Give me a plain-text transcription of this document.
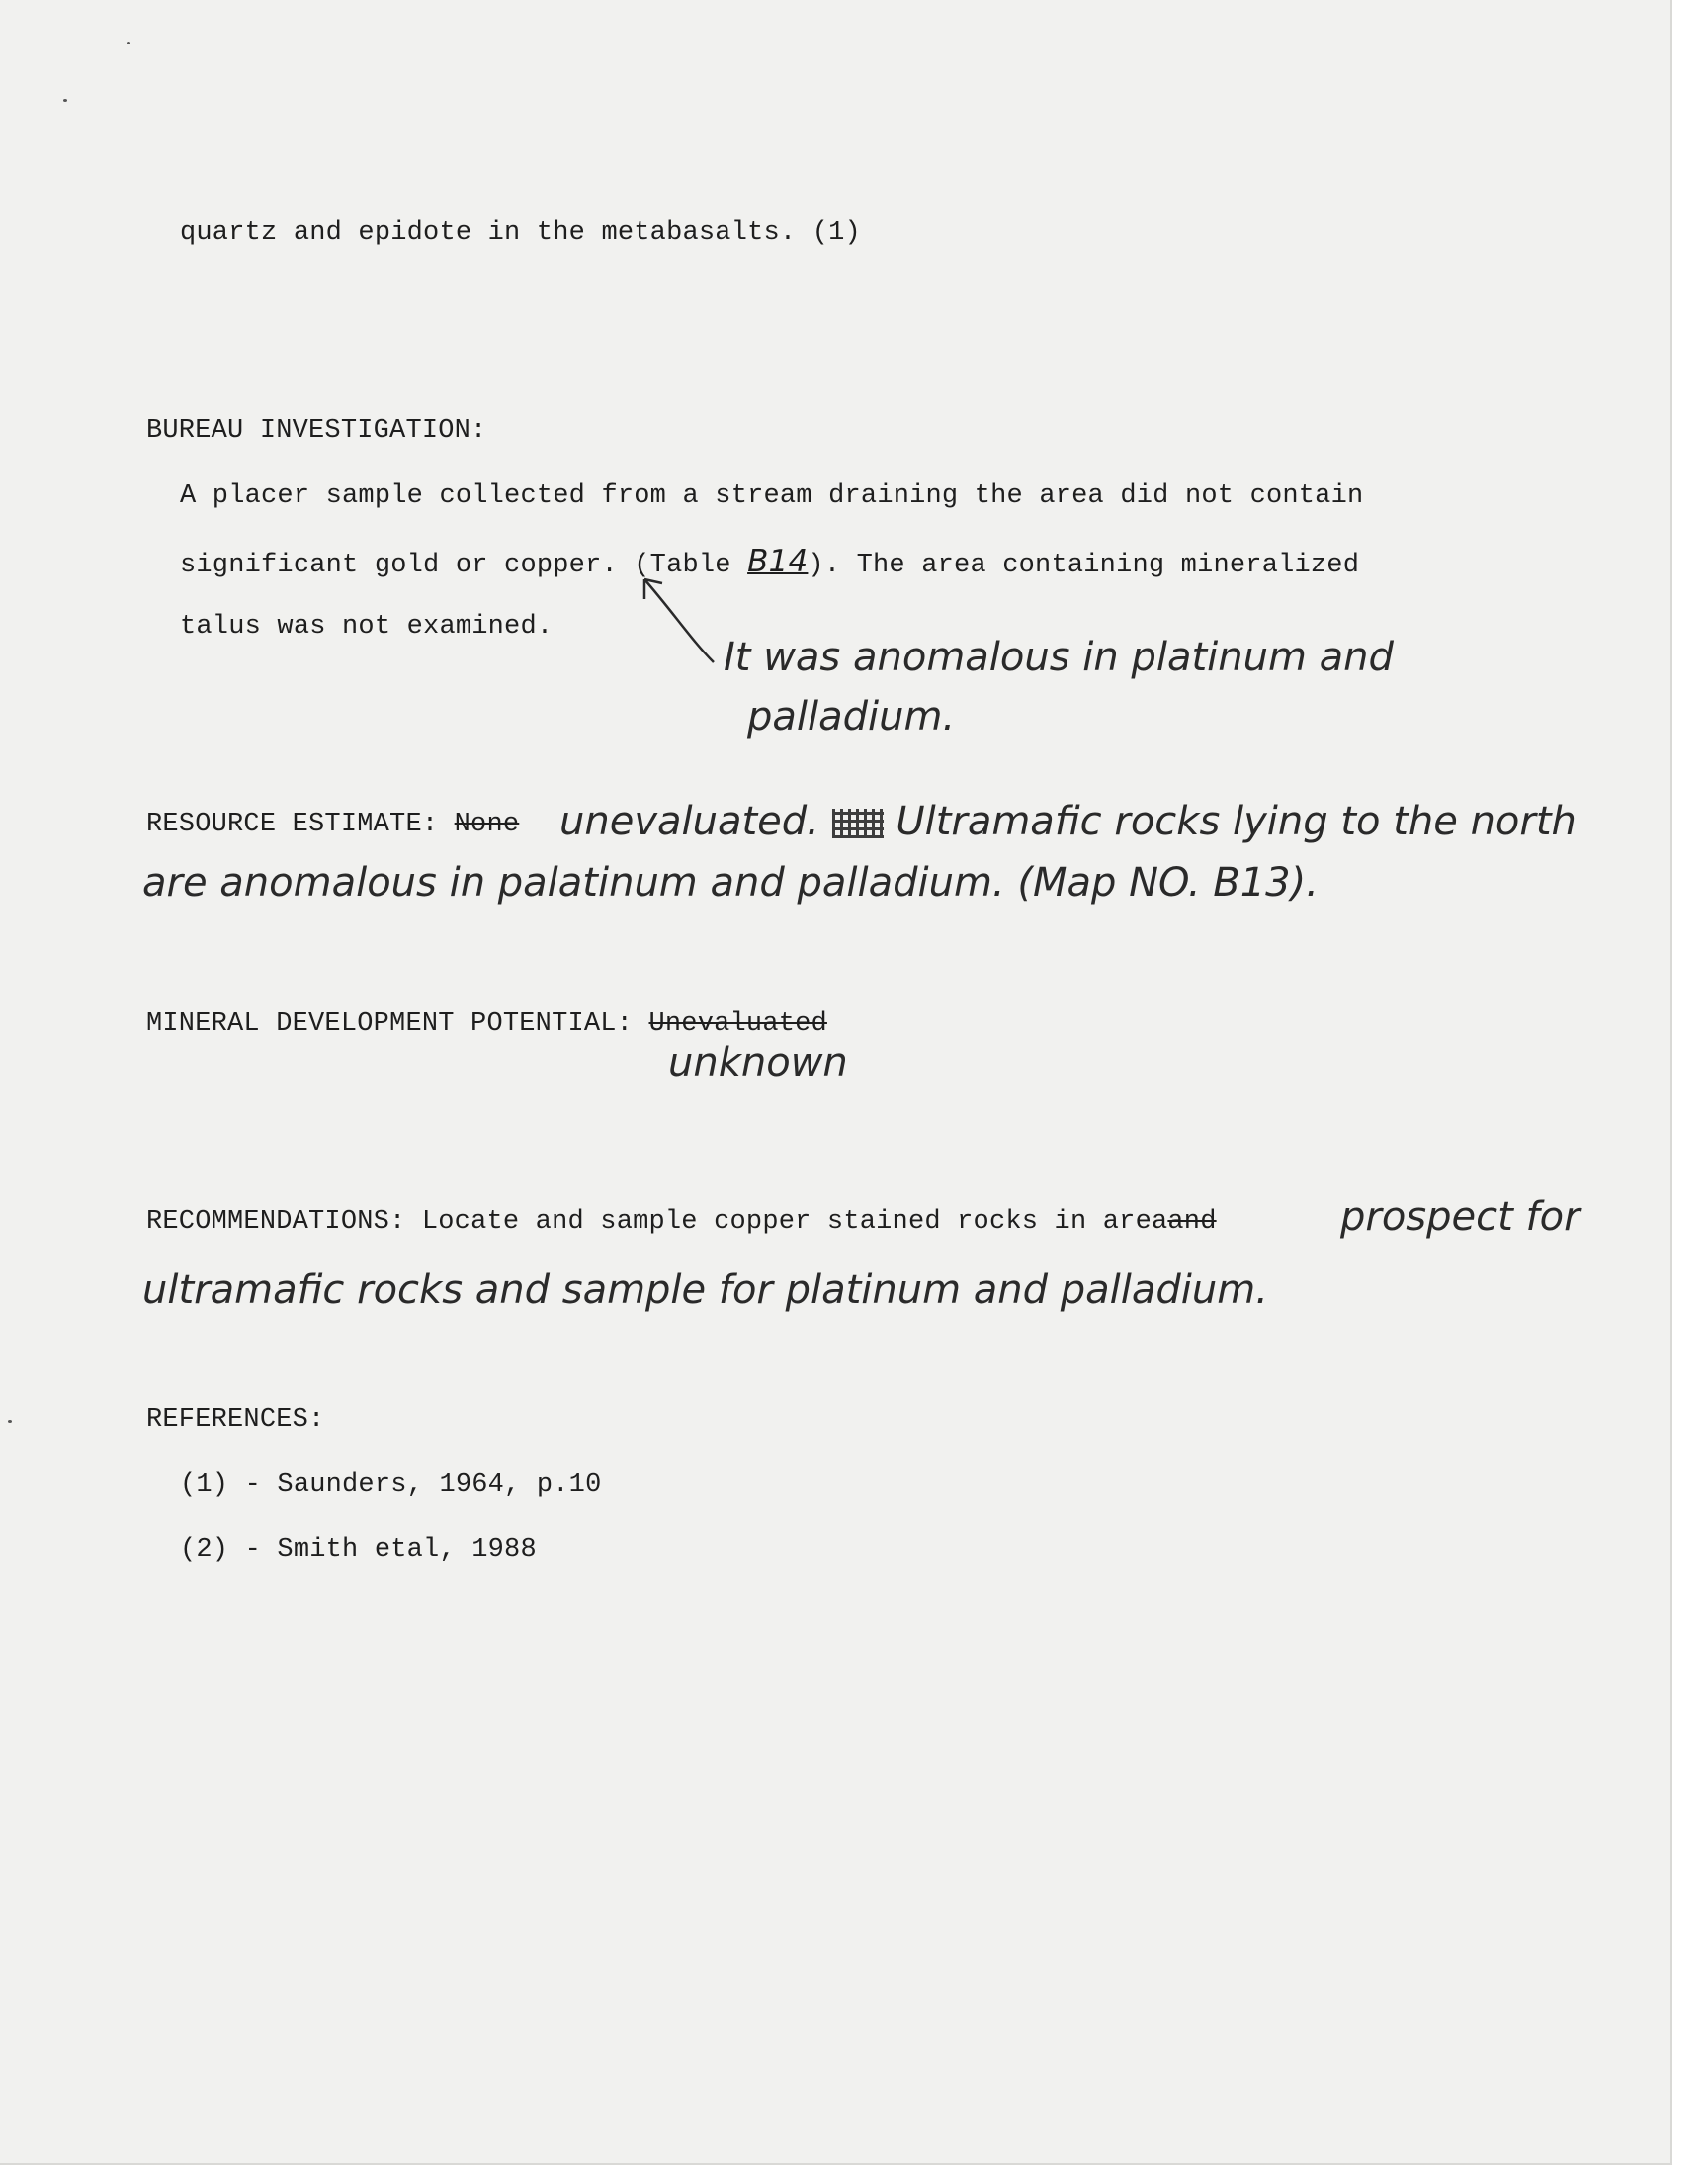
quartz and epidote in the metabasalts. (1)
BUREAU INVESTIGATION:
A placer sample collected from a stream draining the area did not contain
significant gold or copper. (Table B14). The area containing mineralized
talus was not examined.
It was anomalous in platinum and
palladium.
RESOURCE ESTIMATE: None unevaluated. Ultramafic rocks lying to the north
are anomalous in palatinum and palladium. (Map NO. B13).
MINERAL DEVELOPMENT POTENTIAL: Unevaluated
unknown
RECOMMENDATIONS: Locate and sample copper stained rocks in areaand	prospect for
ultramafic rocks and sample for platinum and palladium.
REFERENCES:
(1) - Saunders, 1964, p.10
(2) - Smith etal, 1988
